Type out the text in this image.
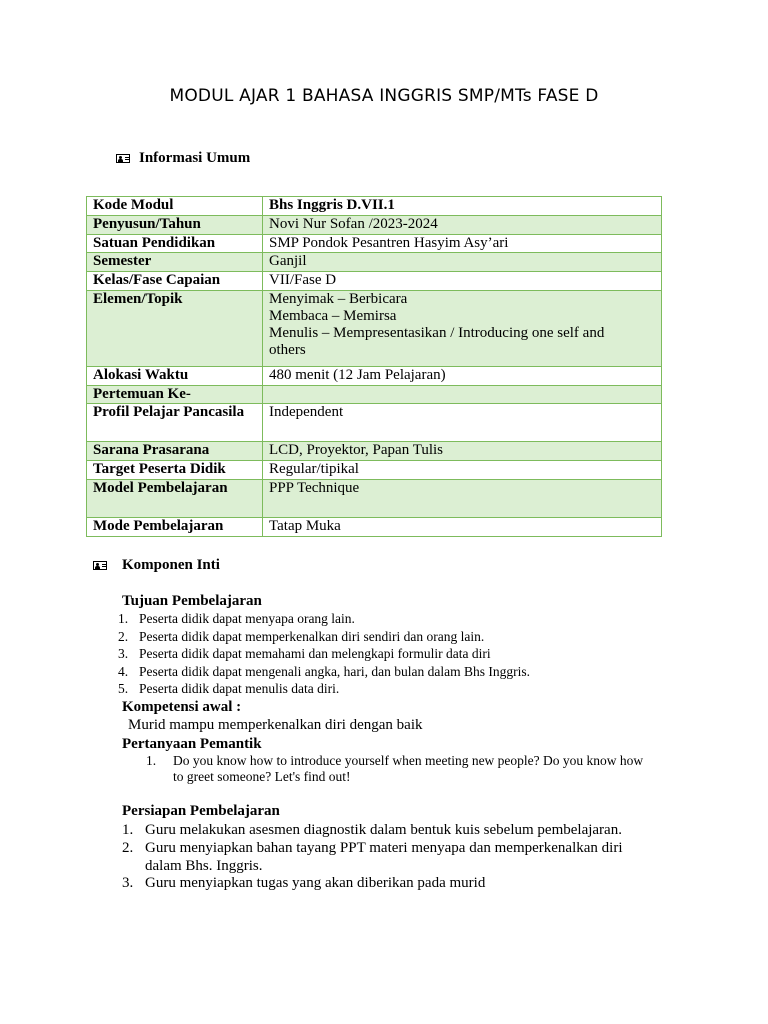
MODUL AJAR 1 BAHASA INGGRIS SMP/MTs FASE D
Informasi Umum
Kode Modul	Bhs Inggris D.VII.1
Penyusun/Tahun	Novi Nur Sofan /2023-2024
Satuan Pendidikan	SMP Pondok Pesantren Hasyim Asy’ari
Semester	Ganjil
Kelas/Fase Capaian	VII/Fase D
Elemen/Topik	Menyimak – Berbicara
Membaca – Memirsa
Menulis – Mempresentasikan / Introducing one self and
others

Alokasi Waktu	480 menit (12 Jam Pelajaran)
Pertemuan Ke-	
Profil Pelajar Pancasila	Independent
Sarana Prasarana	LCD, Proyektor, Papan Tulis
Target Peserta Didik	Regular/tipikal
Model Pembelajaran	PPP Technique
Mode Pembelajaran	Tatap Muka
Komponen Inti
Tujuan Pembelajaran
1. Peserta didik dapat menyapa orang lain.
2. Peserta didik dapat memperkenalkan diri sendiri dan orang lain.
3. Peserta didik dapat memahami dan melengkapi formulir data diri
4. Peserta didik dapat mengenali angka, hari, dan bulan dalam Bhs Inggris.
5. Peserta didik dapat menulis data diri.
Kompetensi awal :
Murid mampu memperkenalkan diri dengan baik
Pertanyaan Pemantik
1.	Do you know how to introduce yourself when meeting new people? Do you know how to greet someone? Let's find out!
Persiapan Pembelajaran
1. Guru melakukan asesmen diagnostik dalam bentuk kuis sebelum pembelajaran.
2. Guru menyiapkan bahan tayang PPT materi menyapa dan memperkenalkan diri dalam Bhs. Inggris.
3. Guru menyiapkan tugas yang akan diberikan pada murid
